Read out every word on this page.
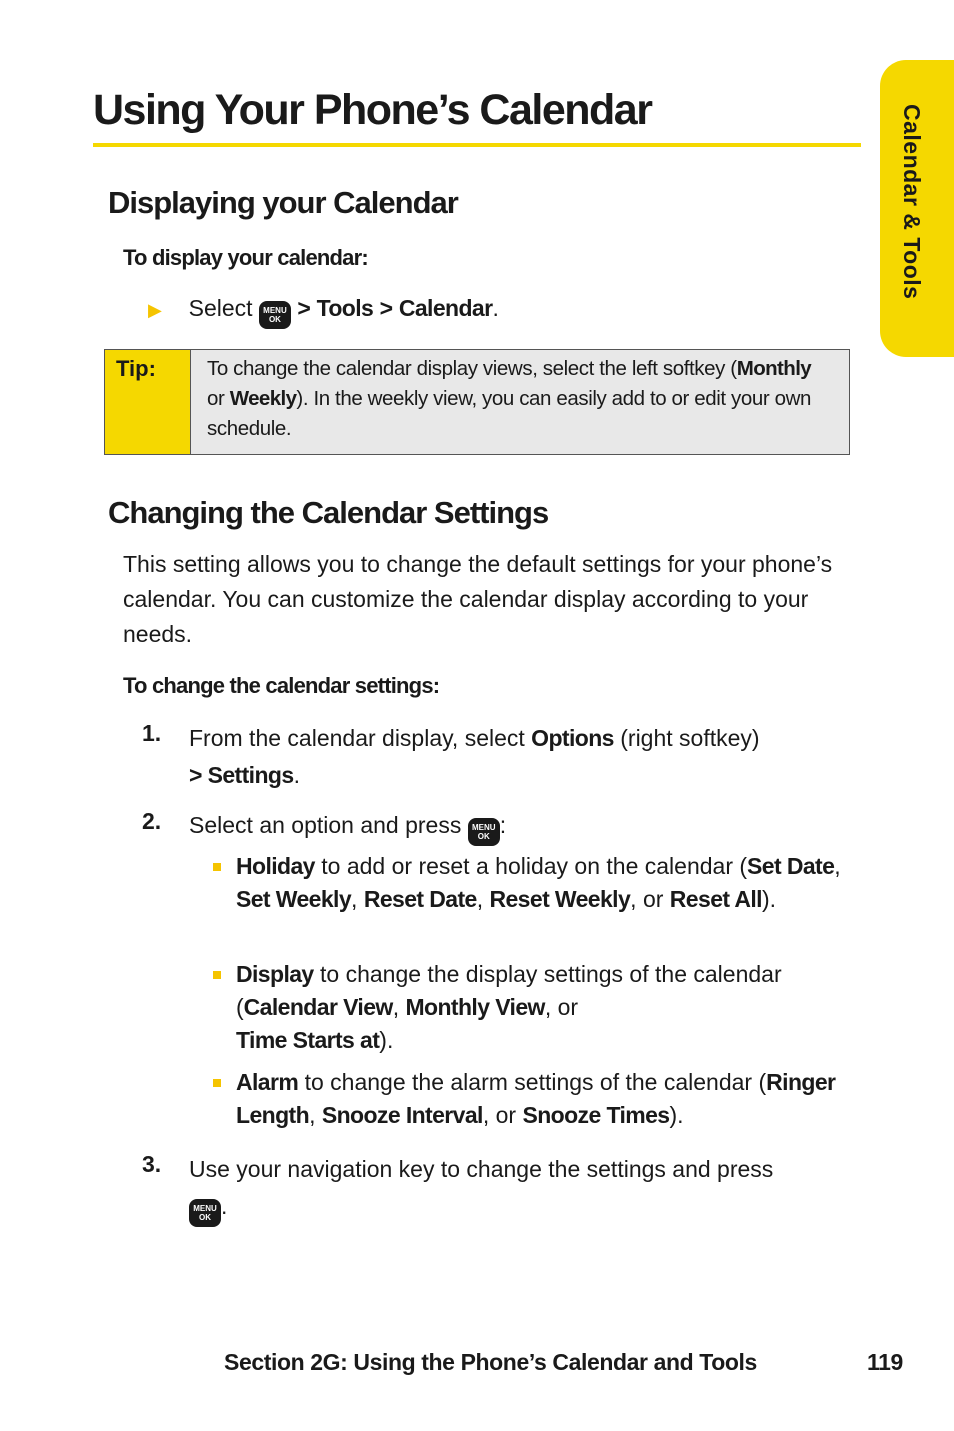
Calendar & Tools
Using Your Phone’s Calendar
Displaying your Calendar

To display your calendar:

▶ Select MENU
OK > Tools > Calendar.
Tip:	To change the calendar display views, select the left softkey (Monthly or Weekly). In the weekly view, you can easily add to or edit your own schedule.
Changing the Calendar Settings

This setting allows you to change the default settings for your phone’s calendar. You can customize the calendar display according to your needs.

To change the calendar settings:

1. From the calendar display, select Options (right softkey)
> Settings.
2. Select an option and press MENU
OK :
Holiday to add or reset a holiday on the calendar (Set Date, Set Weekly, Reset Date, Reset Weekly, or Reset All).
Display to change the display settings of the calendar (Calendar View, Monthly View, or
Time Starts at).
Alarm to change the alarm settings of the calendar (Ringer Length, Snooze Interval, or Snooze Times).
3. Use your navigation key to change the settings and press MENU
OK .
Section 2G: Using the Phone’s Calendar and Tools	119
